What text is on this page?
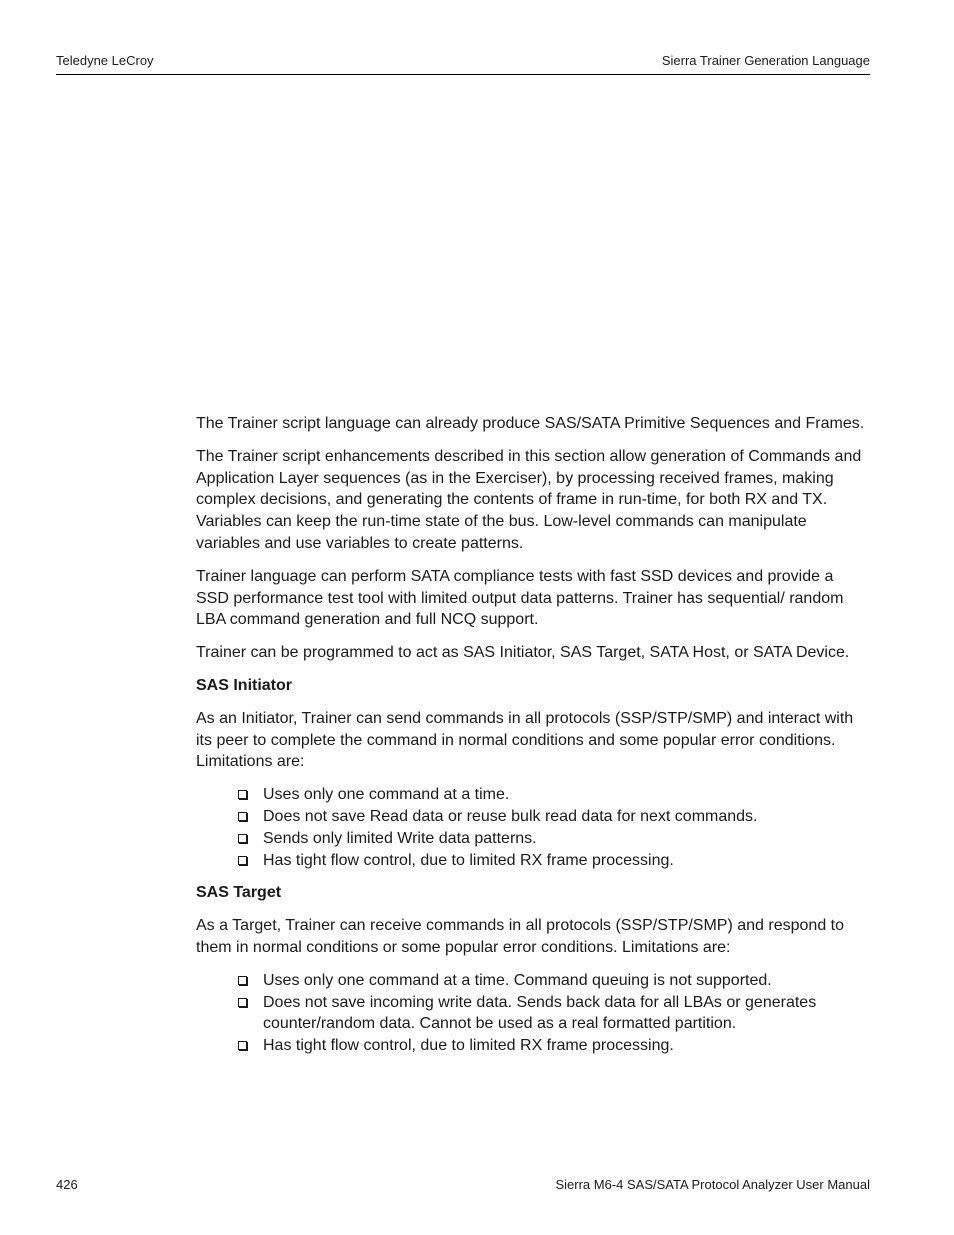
Teledyne LeCroy	Sierra Trainer Generation Language

The Trainer script language can already produce SAS/SATA Primitive Sequences and Frames.

The Trainer script enhancements described in this section allow generation of Commands and Application Layer sequences (as in the Exerciser), by processing received frames, making complex decisions, and generating the contents of frame in run-time, for both RX and TX. Variables can keep the run-time state of the bus. Low-level commands can manipulate variables and use variables to create patterns.

Trainer language can perform SATA compliance tests with fast SSD devices and provide a SSD performance test tool with limited output data patterns. Trainer has sequential/ random LBA command generation and full NCQ support.

Trainer can be programmed to act as SAS Initiator, SAS Target, SATA Host, or SATA Device.

SAS Initiator

As an Initiator, Trainer can send commands in all protocols (SSP/STP/SMP) and interact with its peer to complete the command in normal conditions and some popular error conditions. Limitations are:

Uses only one command at a time.
Does not save Read data or reuse bulk read data for next commands.
Sends only limited Write data patterns.
Has tight flow control, due to limited RX frame processing.
SAS Target

As a Target, Trainer can receive commands in all protocols (SSP/STP/SMP) and respond to them in normal conditions or some popular error conditions. Limitations are:

Uses only one command at a time. Command queuing is not supported.
Does not save incoming write data. Sends back data for all LBAs or generates counter/random data. Cannot be used as a real formatted partition.
Has tight flow control, due to limited RX frame processing.
426	Sierra M6-4 SAS/SATA Protocol Analyzer User Manual
